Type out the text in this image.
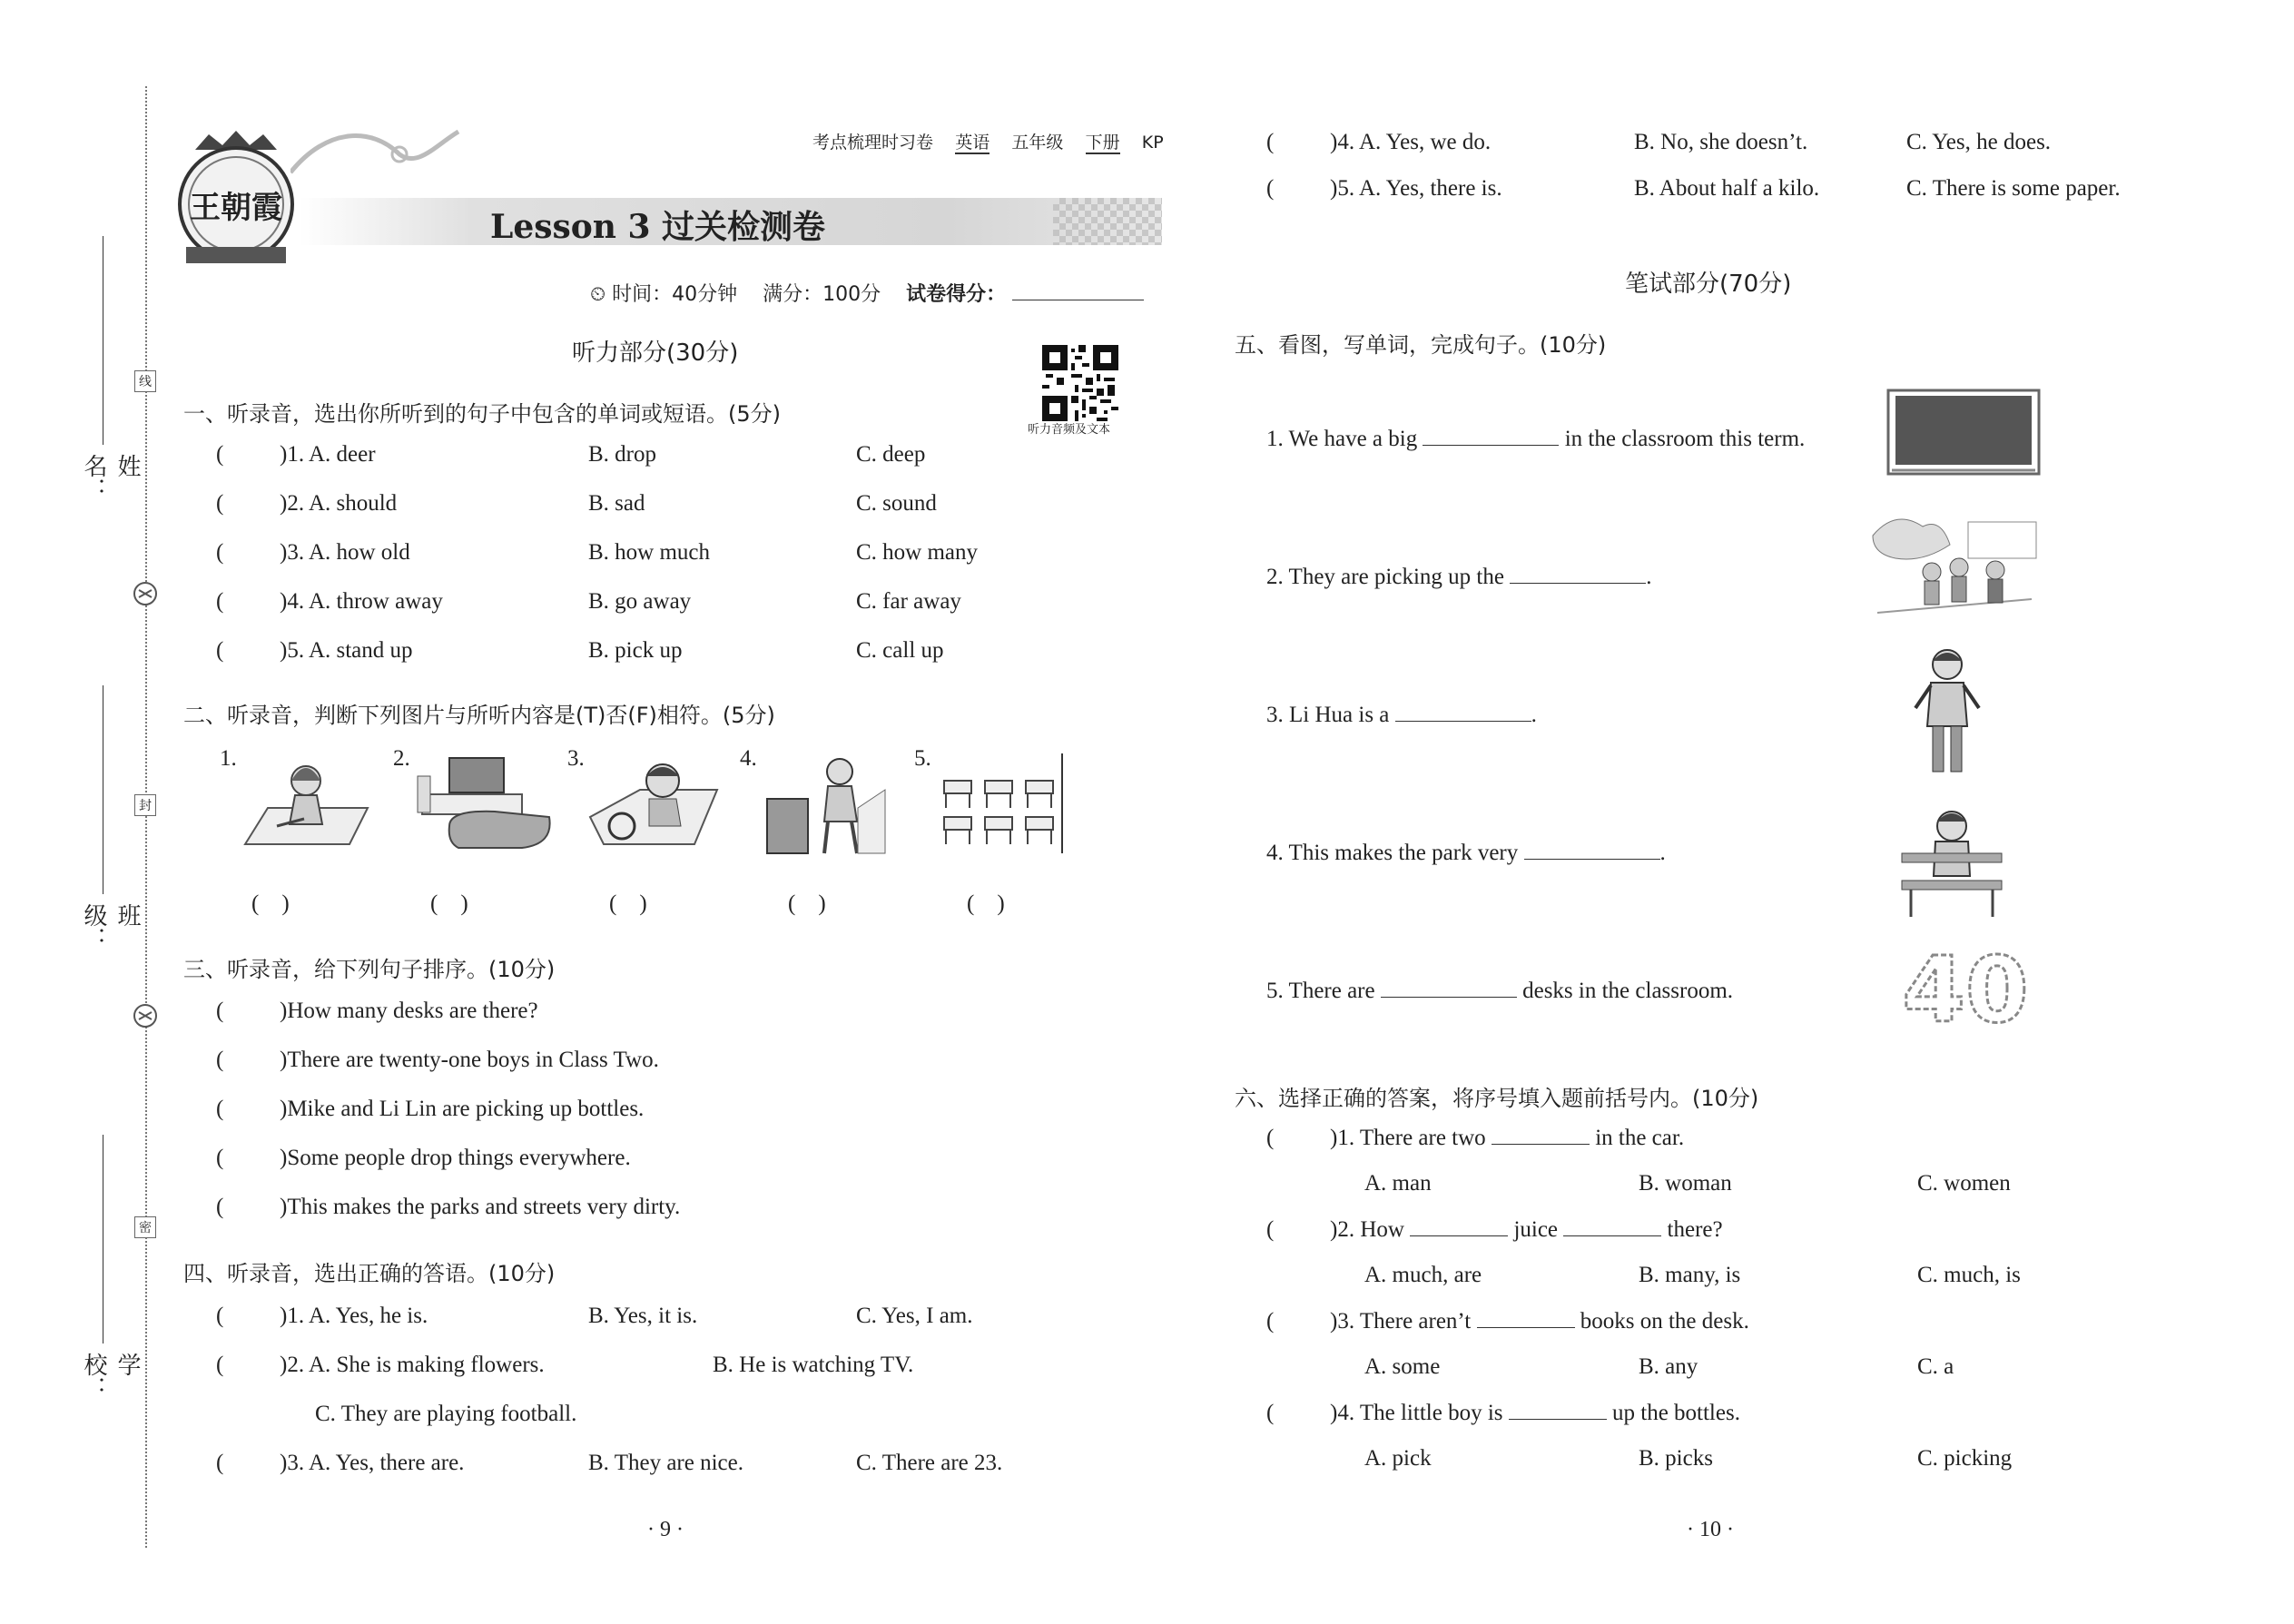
姓名：
班级：
学校：
线
封
密
王朝霞
考点梳理时习卷 英语 五年级 下册 KP
Lesson 3 过关检测卷
⏲ 时间：40分钟 满分：100分 试卷得分：
听力音频及文本
听力部分(30分)
一、听录音，选出你所听到的句子中包含的单词或短语。(5分)
( )1. A. deer	B. drop	C. deep
( )2. A. should	B. sad	C. sound
( )3. A. how old	B. how much	C. how many
( )4. A. throw away	B. go away	C. far away
( )5. A. stand up	B. pick up	C. call up
二、听录音，判断下列图片与所听内容是(T)否(F)相符。(5分)
1.	2.	3.	4.	5.
(    )	(    )	(    )	(    )	(    )
三、听录音，给下列句子排序。(10分)
( )How many desks are there?
( )There are twenty-one boys in Class Two.
( )Mike and Li Lin are picking up bottles.
( )Some people drop things everywhere.
( )This makes the parks and streets very dirty.
四、听录音，选出正确的答语。(10分)
( )1. A. Yes, he is.	B. Yes, it is.	C. Yes, I am.
( )2. A. She is making flowers.	B. He is watching TV.
C. They are playing football.
( )3. A. Yes, there are.	B. They are nice.	C. There are 23.
· 9 ·
( )4. A. Yes, we do.	B. No, she doesn’t.	C. Yes, he does.
( )5. A. Yes, there is.	B. About half a kilo.	C. There is some paper.
笔试部分(70分)
五、看图，写单词，完成句子。(10分)
1. We have a big	in the classroom this term.
2. They are picking up the	.
3. Li Hua is a	.
4. This makes the park very	.
5. There are	desks in the classroom. 40
六、选择正确的答案，将序号填入题前括号内。(10分)
( )1. There are two	in the car.
A. man	B. woman	C. women
( )2. How	juice	there?
A. much, are	B. many, is	C. much, is
( )3. There aren’t	books on the desk.
A. some	B. any	C. a
( )4. The little boy is	up the bottles.
A. pick	B. picks	C. picking
· 10 ·
